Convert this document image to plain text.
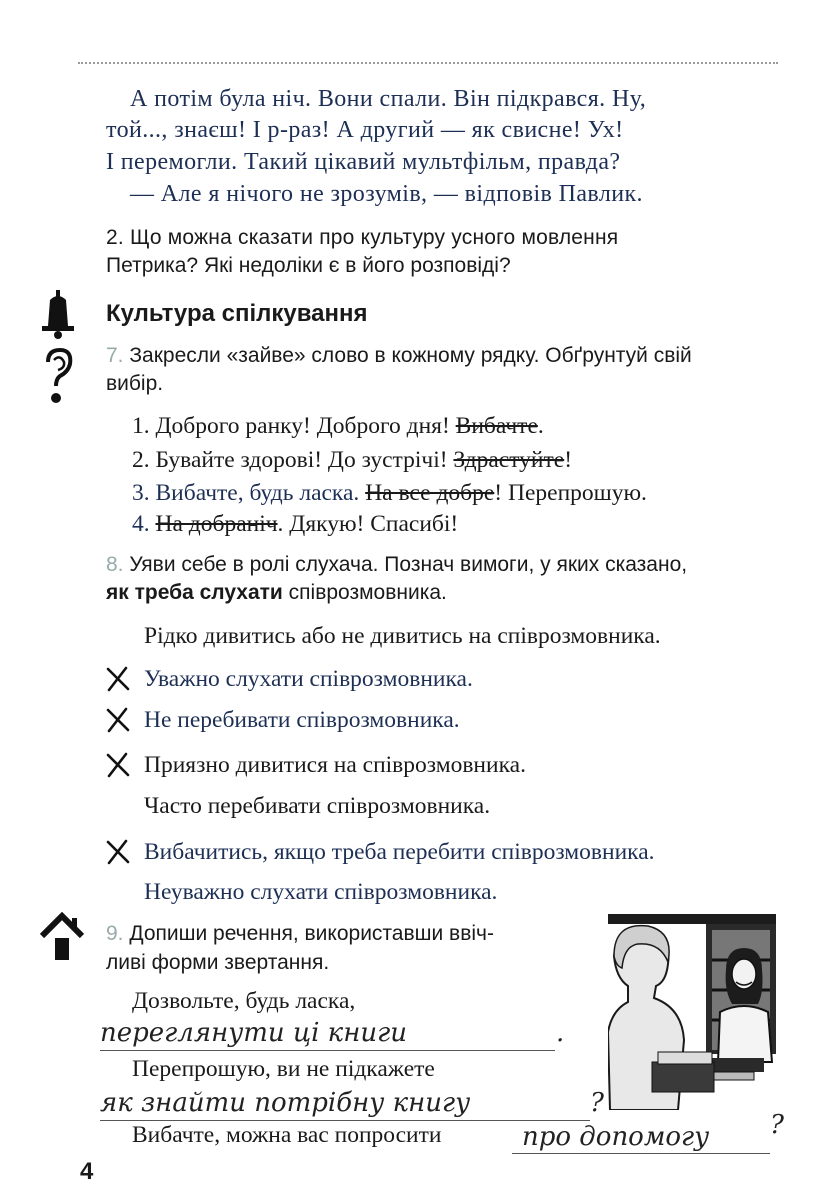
А потім була ніч. Вони спали. Він підкрався. Ну,
той..., знаєш! І р-раз! А другий — як свисне! Ух!
І перемогли. Такий цікавий мультфільм, правда?
— Але я нічого не зрозумів, — відповів Павлик.
2. Що можна сказати про культуру усного мовлення
Петрика? Які недоліки є в його розповіді?
Культура спілкування
7. Закресли «зайве» слово в кожному рядку. Обґрунтуй свій
вибір.
1. Доброго ранку! Доброго дня! Вибачте.
2. Бувайте здорові! До зустрічі! Здрастуйте!
3. Вибачте, будь ласка. На все добре! Перепрошую.
4. На добраніч. Дякую! Спасибі!
8. Уяви себе в ролі слухача. Познач вимоги, у яких сказано,
як треба слухати співрозмовника.
Рідко дивитись або не дивитись на співрозмовника.
Уважно слухати співрозмовника.
Не перебивати співрозмовника.
Приязно дивитися на співрозмовника.
Часто перебивати співрозмовника.
Вибачитись, якщо треба перебити співрозмовника.
Неуважно слухати співрозмовника.
9. Допиши речення, використавши ввіч-
ливі форми звертання.
Дозвольте, будь ласка,
переглянути ці книги	.
Перепрошую, ви не підкажете
як знайти потрібну книгу	?
Вибачте, можна вас попросити	про допомогу ?
4
